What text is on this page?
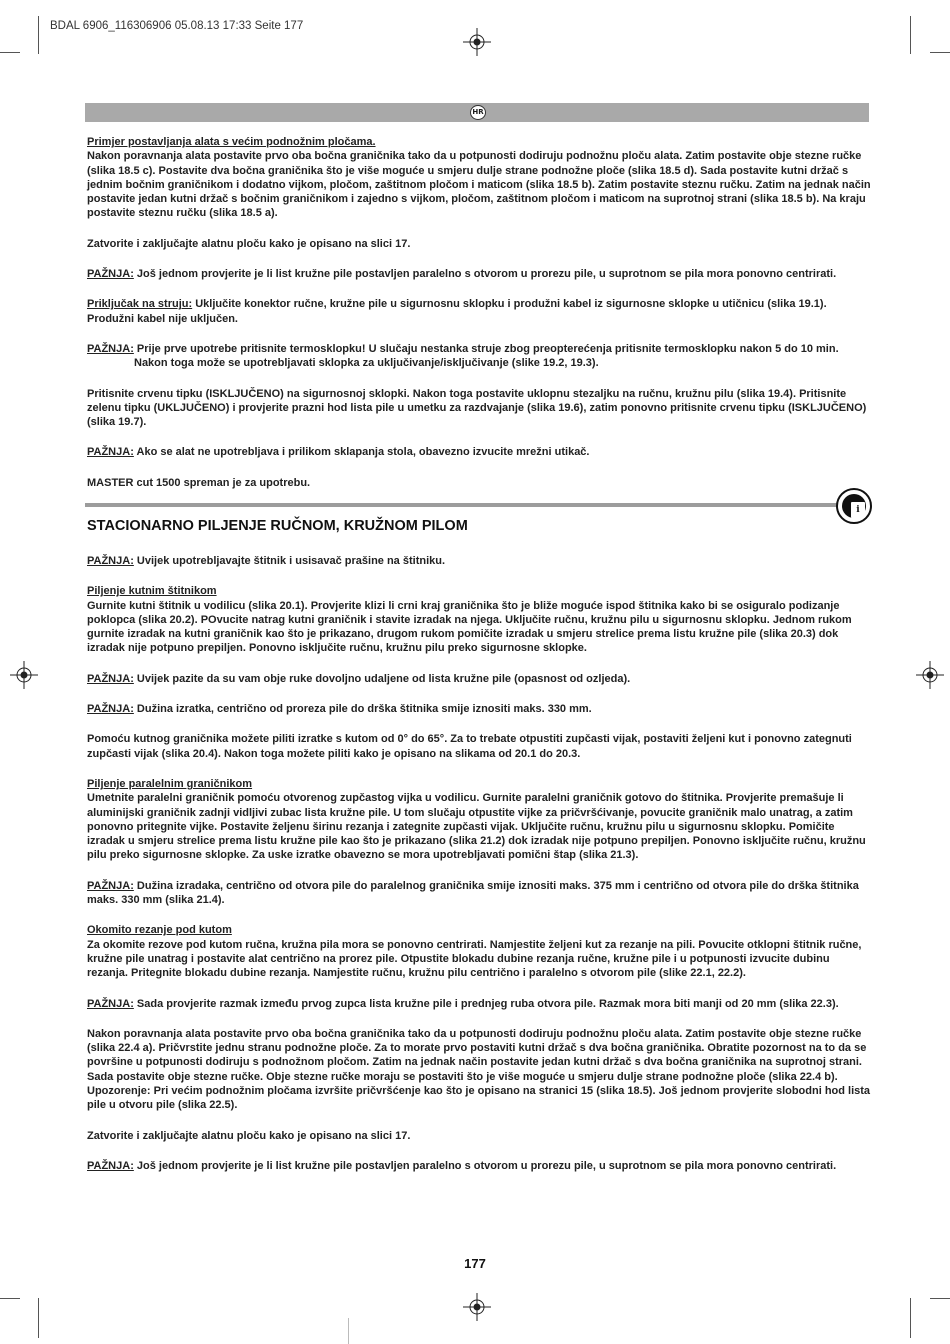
BDAL 6906_116306906 05.08.13 17:33 Seite 177
HR

Primjer postavljanja alata s većim podnožnim pločama.
Nakon poravnanja alata postavite prvo oba bočna graničnika tako da u potpunosti dodiruju podnožnu ploču alata. Zatim postavite obje stezne ručke (slika 18.5 c). Postavite dva bočna graničnika što je više moguće u smjeru dulje strane podnožne ploče (slika 18.5 d). Sada postavite kutni držač s jednim bočnim graničnikom i dodatno vijkom, pločom, zaštitnom pločom i maticom (slika 18.5 b). Zatim postavite steznu ručku. Zatim na jednak način postavite jedan kutni držač s bočnim graničnikom i zajedno s vijkom, pločom, zaštitnom pločom i maticom na suprotnoj strani (slika 18.5 b). Na kraju postavite steznu ručku (slika 18.5 a).

Zatvorite i zaključajte alatnu ploču kako je opisano na slici 17.

PAŽNJA: Još jednom provjerite je li list kružne pile postavljen paralelno s otvorom u prorezu pile, u suprotnom se pila mora ponovno centrirati.

Priključak na struju: Uključite konektor ručne, kružne pile u sigurnosnu sklopku i produžni kabel iz sigurnosne sklopke u utičnicu (slika 19.1). Produžni kabel nije uključen.

PAŽNJA: Prije prve upotrebe pritisnite termosklopku! U slučaju nestanka struje zbog preopterećenja pritisnite termosklopku nakon 5 do 10 min.
Nakon toga može se upotrebljavati sklopka za uključivanje/isključivanje (slike 19.2, 19.3).

Pritisnite crvenu tipku (ISKLJUČENO) na sigurnosnoj sklopki. Nakon toga postavite uklopnu stezaljku na ručnu, kružnu pilu (slika 19.4). Pritisnite zelenu tipku (UKLJUČENO) i provjerite prazni hod lista pile u umetku za razdvajanje (slika 19.6), zatim ponovno pritisnite crvenu tipku (ISKLJUČENO) (slika 19.7).

PAŽNJA: Ako se alat ne upotrebljava i prilikom sklapanja stola, obavezno izvucite mrežni utikač.

MASTER cut 1500 spreman je za upotrebu.

i
STACIONARNO PILJENJE RUČNOM, KRUŽNOM PILOM

PAŽNJA: Uvijek upotrebljavajte štitnik i usisavač prašine na štitniku.

Piljenje kutnim štitnikom
Gurnite kutni štitnik u vodilicu (slika 20.1). Provjerite klizi li crni kraj graničnika što je bliže moguće ispod štitnika kako bi se osiguralo podizanje poklopca (slika 20.2). POvucite natrag kutni graničnik i stavite izradak na njega. Uključite ručnu, kružnu pilu u sigurnosnu sklopku. Jednom rukom gurnite izradak na kutni graničnik kao što je prikazano, drugom rukom pomičite izradak u smjeru strelice prema listu kružne pile (slika 20.3) dok izradak nije potpuno prepiljen. Ponovno isključite ručnu, kružnu pilu preko sigurnosne sklopke.

PAŽNJA: Uvijek pazite da su vam obje ruke dovoljno udaljene od lista kružne pile (opasnost od ozljeda).

PAŽNJA: Dužina izratka, centrično od proreza pile do drška štitnika smije iznositi maks. 330 mm.

Pomoću kutnog graničnika možete piliti izratke s kutom od 0° do 65°. Za to trebate otpustiti zupčasti vijak, postaviti željeni kut i ponovno zategnuti zupčasti vijak (slika 20.4). Nakon toga možete piliti kako je opisano na slikama od 20.1 do 20.3.

Piljenje paralelnim graničnikom
Umetnite paralelni graničnik pomoću otvorenog zupčastog vijka u vodilicu. Gurnite paralelni graničnik gotovo do štitnika. Provjerite premašuje li aluminijski graničnik zadnji vidljivi zubac lista kružne pile. U tom slučaju otpustite vijke za pričvršćivanje, povucite graničnik malo unatrag, a zatim ponovno pritegnite vijke. Postavite željenu širinu rezanja i zategnite zupčasti vijak. Uključite ručnu, kružnu pilu u sigurnosnu sklopku. Pomičite izradak u smjeru strelice prema listu kružne pile kao što je prikazano (slika 21.2) dok izradak nije potpuno prepiljen. Ponovno isključite ručnu, kružnu pilu preko sigurnosne sklopke. Za uske izratke obavezno se mora upotrebljavati pomični štap (slika 21.3).

PAŽNJA: Dužina izradaka, centrično od otvora pile do paralelnog graničnika smije iznositi maks. 375 mm i centrično od otvora pile do drška štitnika maks. 330 mm (slika 21.4).

Okomito rezanje pod kutom
Za okomite rezove pod kutom ručna, kružna pila mora se ponovno centrirati. Namjestite željeni kut za rezanje na pili. Povucite otklopni štitnik ručne, kružne pile unatrag i postavite alat centrično na prorez pile. Otpustite blokadu dubine rezanja ručne, kružne pile i u potpunosti izvucite dubinu rezanja. Pritegnite blokadu dubine rezanja. Namjestite ručnu, kružnu pilu centrično i paralelno s otvorom pile (slike 22.1, 22.2).

PAŽNJA: Sada provjerite razmak između prvog zupca lista kružne pile i prednjeg ruba otvora pile. Razmak mora biti manji od 20 mm (slika 22.3).

Nakon poravnanja alata postavite prvo oba bočna graničnika tako da u potpunosti dodiruju podnožnu ploču alata. Zatim postavite obje stezne ručke (slika 22.4 a). Pričvrstite jednu stranu podnožne ploče. Za to morate prvo postaviti kutni držač s dva bočna graničnika. Obratite pozornost na to da se površine u potpunosti dodiruju s podnožnom pločom. Zatim na jednak način postavite jedan kutni držač s dva bočna graničnika na suprotnoj strani. Sada postavite obje stezne ručke. Obje stezne ručke moraju se postaviti što je više moguće u smjeru dulje strane podnožne ploče (slika 22.4 b). Upozorenje: Pri većim podnožnim pločama izvršite pričvršćenje kao što je opisano na stranici 15 (slika 18.5). Još jednom provjerite slobodni hod lista pile u otvoru pile (slika 22.5).

Zatvorite i zaključajte alatnu ploču kako je opisano na slici 17.

PAŽNJA: Još jednom provjerite je li list kružne pile postavljen paralelno s otvorom u prorezu pile, u suprotnom se pila mora ponovno centrirati.

177
